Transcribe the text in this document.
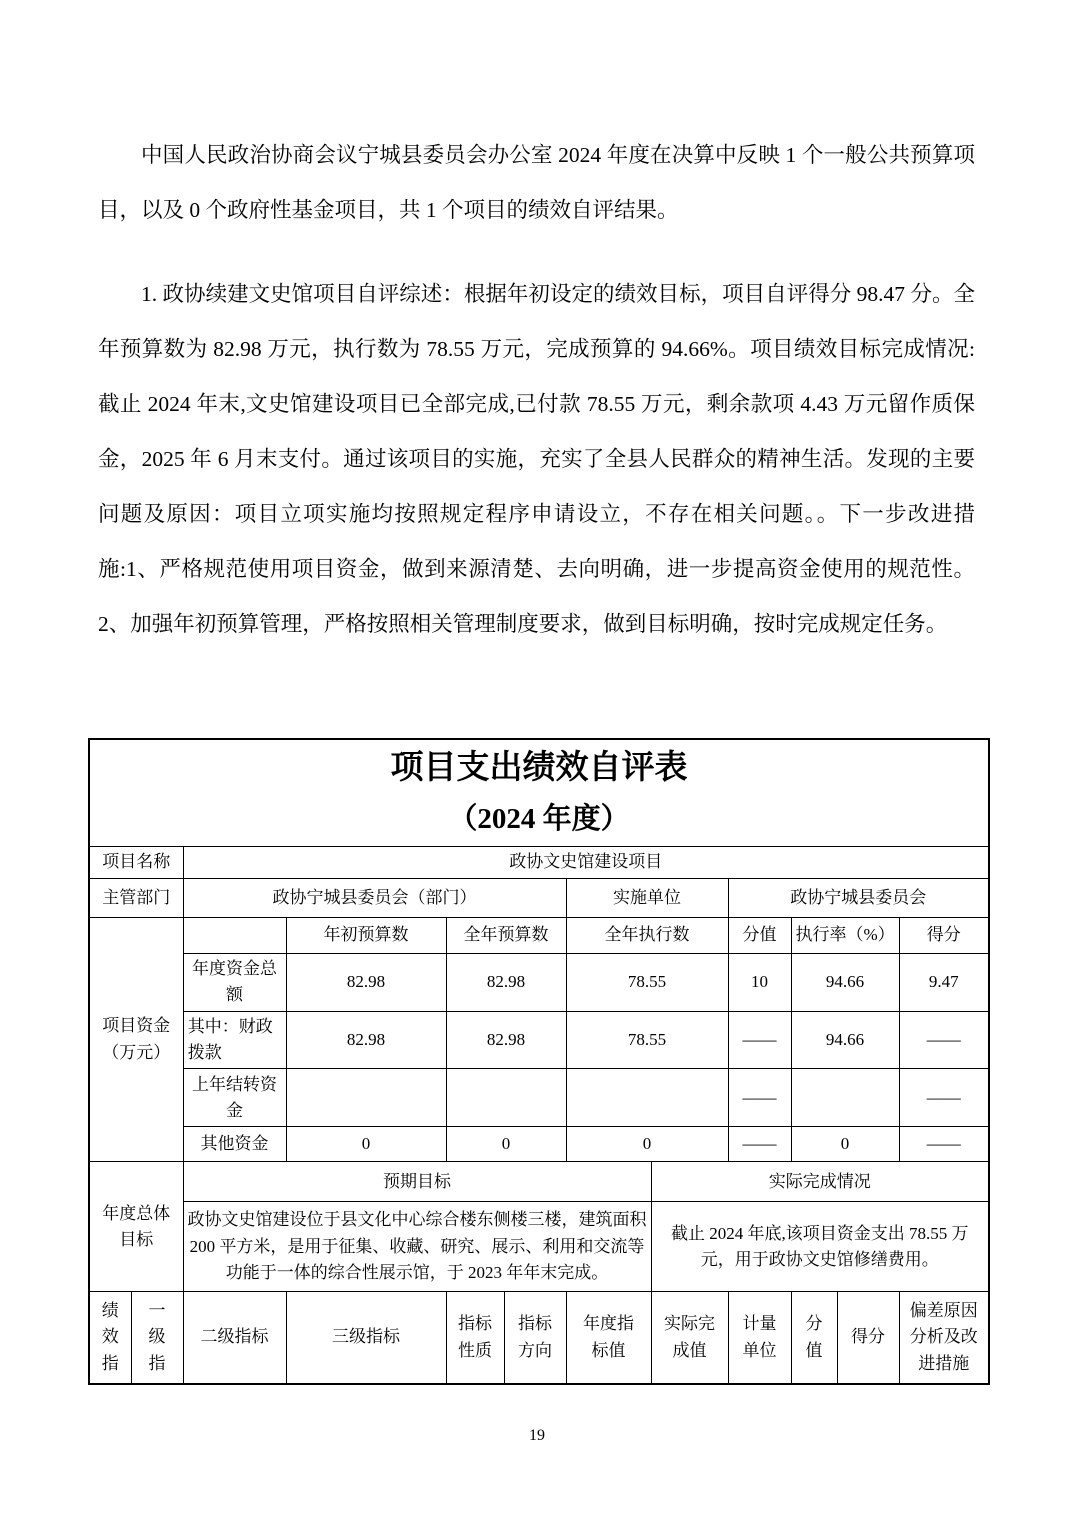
中国人民政治协商会议宁城县委员会办公室 2024 年度在决算中反映 1 个一般公共预算项目，以及 0 个政府性基金项目，共 1 个项目的绩效自评结果。

1. 政协续建文史馆项目自评综述：根据年初设定的绩效目标，项目自评得分 98.47 分。全年预算数为 82.98 万元，执行数为 78.55 万元，完成预算的 94.66%。项目绩效目标完成情况:截止 2024 年末,文史馆建设项目已全部完成,已付款 78.55 万元，剩余款项 4.43 万元留作质保金，2025 年 6 月末支付。通过该项目的实施，充实了全县人民群众的精神生活。发现的主要问题及原因：项目立项实施均按照规定程序申请设立，不存在相关问题。。下一步改进措施:1、严格规范使用项目资金，做到来源清楚、去向明确，进一步提高资金使用的规范性。2、加强年初预算管理，严格按照相关管理制度要求，做到目标明确，按时完成规定任务。

项目支出绩效自评表
（2024 年度）											

项目名称		政协文史馆建设项目									
主管部门		政协宁城县委员会（部门）				实施单位		政协宁城县委员会			
项目资金（万元）			年初预算数	全年预算数		全年执行数		分值	执行率（%）		得分
		年度资金总额	82.98	82.98		78.55		10	94.66		9.47
		其中：财政拨款	82.98	82.98		78.55		——	94.66		——
		上年结转资金						——			——
		其他资金	0	0		0		——	0		——
年度总体目标		预期目标					实际完成情况				
		政协文史馆建设位于县文化中心综合楼东侧楼三楼，建筑面积 200 平方米，是用于征集、收藏、研究、展示、利用和交流等功能于一体的综合性展示馆，于 2023 年年末完成。					截止 2024 年底,该项目资金支出 78.55 万元，用于政协文史馆修缮费用。				
绩效指	一级指	二级指标	三级指标	指标性质	指标方向	年度指标值	实际完成值	计量单位	分值	得分	偏差原因分析及改进措施
19
